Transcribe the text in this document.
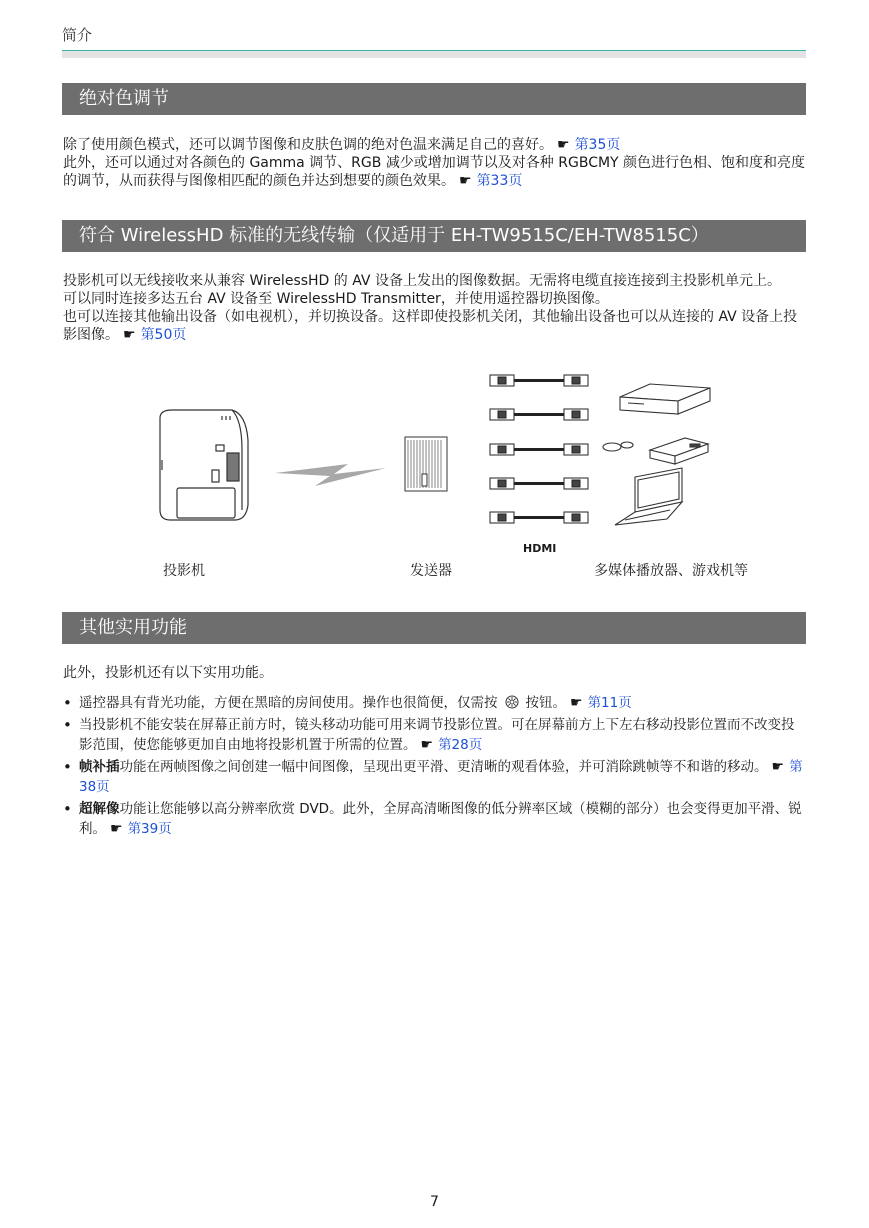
简介
绝对色调节

除了使用颜色模式，还可以调节图像和皮肤色调的绝对色温来满足自己的喜好。 ☛ 第35页

此外，还可以通过对各颜色的 Gamma 调节、RGB 减少或增加调节以及对各种 RGBCMY 颜色进行色相、饱和度和亮度的调节，从而获得与图像相匹配的颜色并达到想要的颜色效果。 ☛ 第33页

符合 WirelessHD 标准的无线传输（仅适用于 EH-TW9515C/EH-TW8515C）

投影机可以无线接收来从兼容 WirelessHD 的 AV 设备上发出的图像数据。无需将电缆直接连接到主投影机单元上。

可以同时连接多达五台 AV 设备至 WirelessHD Transmitter，并使用遥控器切换图像。

也可以连接其他输出设备（如电视机），并切换设备。这样即使投影机关闭，其他输出设备也可以从连接的 AV 设备上投影图像。 ☛ 第50页

投影机	发送器
HDMI
多媒体播放器、游戏机等
其他实用功能
此外，投影机还有以下实用功能。
• 遥控器具有背光功能，方便在黑暗的房间使用。操作也很简便，仅需按 按钮。 ☛ 第11页
• 当投影机不能安装在屏幕正前方时，镜头移动功能可用来调节投影位置。可在屏幕前方上下左右移动投影位置而不改变投影范围，使您能够更加自由地将投影机置于所需的位置。 ☛ 第28页
• 帧补插功能在两帧图像之间创建一幅中间图像，呈现出更平滑、更清晰的观看体验，并可消除跳帧等不和谐的移动。 ☛ 第38页
• 超解像功能让您能够以高分辨率欣赏 DVD。此外，全屏高清晰图像的低分辨率区域（模糊的部分）也会变得更加平滑、锐利。 ☛ 第39页
7
